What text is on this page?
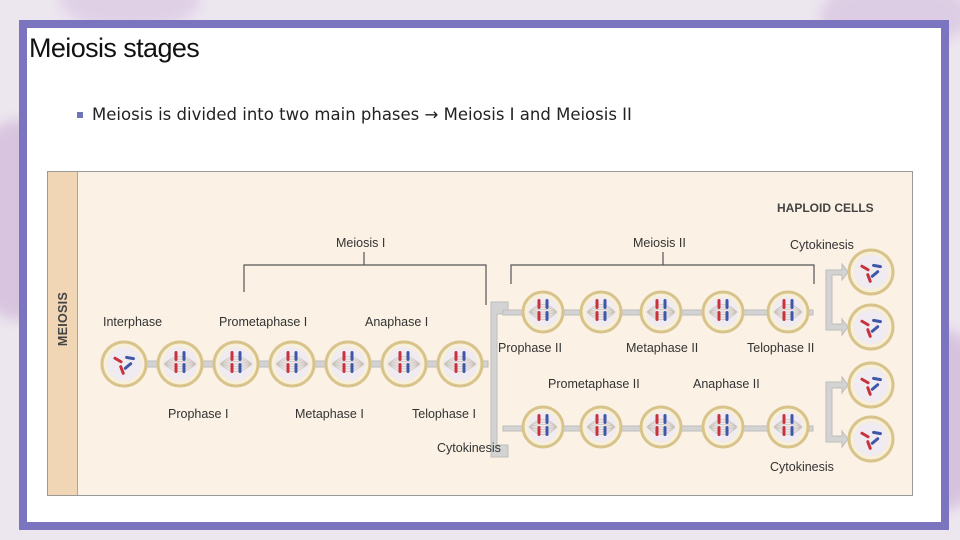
Meiosis stages
Meiosis is divided into two main phases → Meiosis I and Meiosis II
MEIOSIS
HAPLOID CELLS
Meiosis I	Meiosis II	Cytokinesis
Interphase	Prometaphase I	Anaphase I
Prophase I	Metaphase I	Telophase I
Cytokinesis
Prophase II	Metaphase II	Telophase II
Prometaphase II	Anaphase II
Cytokinesis
